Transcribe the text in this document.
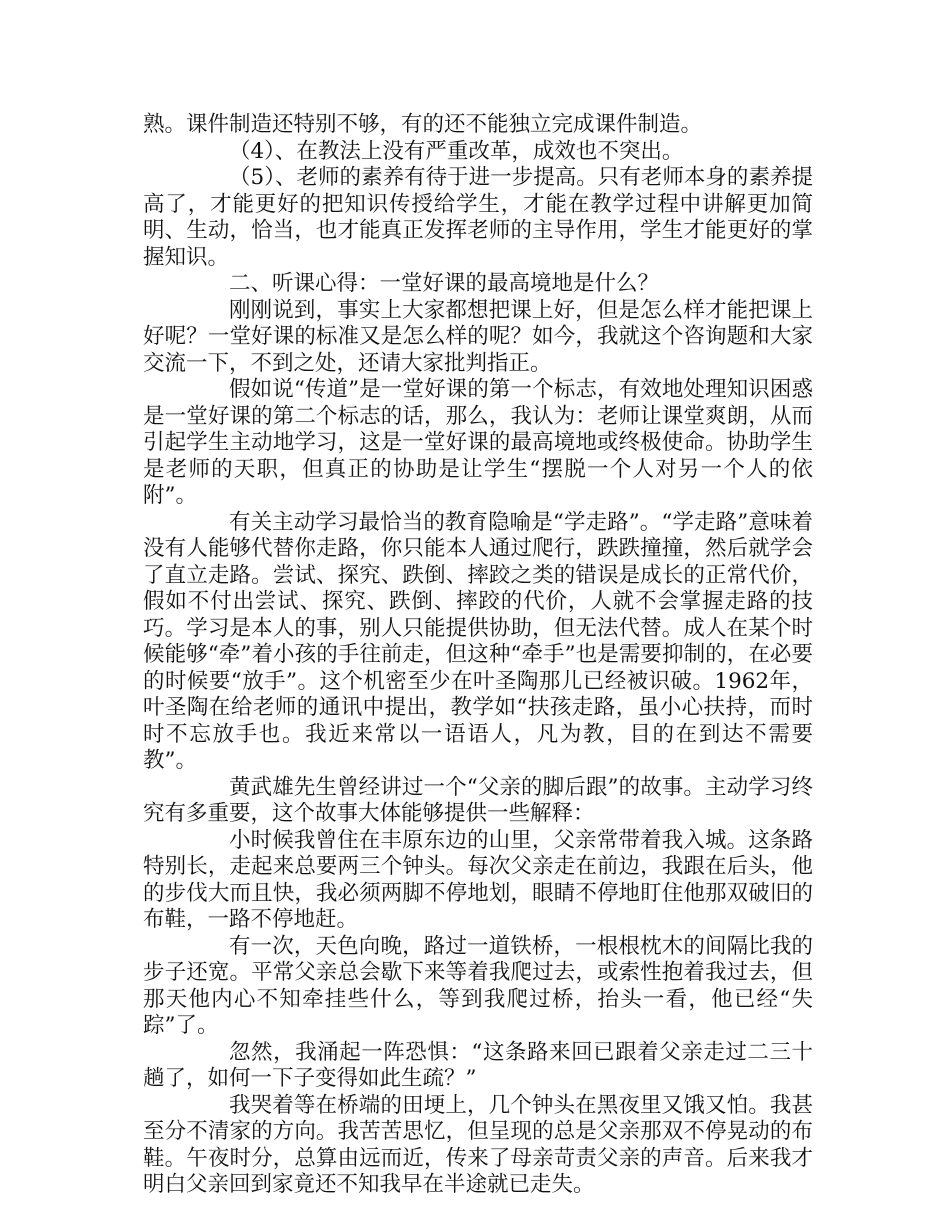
熟。课件制造还特别不够，有的还不能独立完成课件制造。

（4）、在教法上没有严重改革，成效也不突出。

（5）、老师的素养有待于进一步提高。只有老师本身的素养提高了，才能更好的把知识传授给学生，才能在教学过程中讲解更加简明、生动，恰当，也才能真正发挥老师的主导作用，学生才能更好的掌握知识。

二、听课心得：一堂好课的最高境地是什么？

刚刚说到，事实上大家都想把课上好，但是怎么样才能把课上好呢？一堂好课的标准又是怎么样的呢？如今，我就这个咨询题和大家交流一下，不到之处，还请大家批判指正。

假如说“传道”是一堂好课的第一个标志，有效地处理知识困惑是一堂好课的第二个标志的话，那么，我认为：老师让课堂爽朗，从而引起学生主动地学习，这是一堂好课的最高境地或终极使命。协助学生是老师的天职，但真正的协助是让学生“摆脱一个人对另一个人的依附”。

有关主动学习最恰当的教育隐喻是“学走路”。“学走路”意味着没有人能够代替你走路，你只能本人通过爬行，跌跌撞撞，然后就学会了直立走路。尝试、探究、跌倒、摔跤之类的错误是成长的正常代价，假如不付出尝试、探究、跌倒、摔跤的代价，人就不会掌握走路的技巧。学习是本人的事，别人只能提供协助，但无法代替。成人在某个时候能够“牵”着小孩的手往前走，但这种“牵手”也是需要抑制的，在必要的时候要“放手”。这个机密至少在叶圣陶那儿已经被识破。1962年，叶圣陶在给老师的通讯中提出，教学如“扶孩走路，虽小心扶持，而时时不忘放手也。我近来常以一语语人，凡为教，目的在到达不需要教”。

黄武雄先生曾经讲过一个“父亲的脚后跟”的故事。主动学习终究有多重要，这个故事大体能够提供一些解释：

小时候我曾住在丰原东边的山里，父亲常带着我入城。这条路特别长，走起来总要两三个钟头。每次父亲走在前边，我跟在后头，他的步伐大而且快，我必须两脚不停地划，眼睛不停地盯住他那双破旧的布鞋，一路不停地赶。

有一次，天色向晚，路过一道铁桥，一根根枕木的间隔比我的步子还宽。平常父亲总会歇下来等着我爬过去，或索性抱着我过去，但那天他内心不知牵挂些什么，等到我爬过桥，抬头一看，他已经“失踪”了。

忽然，我涌起一阵恐惧：“这条路来回已跟着父亲走过二三十趟了，如何一下子变得如此生疏？”

我哭着等在桥端的田埂上，几个钟头在黑夜里又饿又怕。我甚至分不清家的方向。我苦苦思忆，但呈现的总是父亲那双不停晃动的布鞋。午夜时分，总算由远而近，传来了母亲苛责父亲的声音。后来我才明白父亲回到家竟还不知我早在半途就已走失。
